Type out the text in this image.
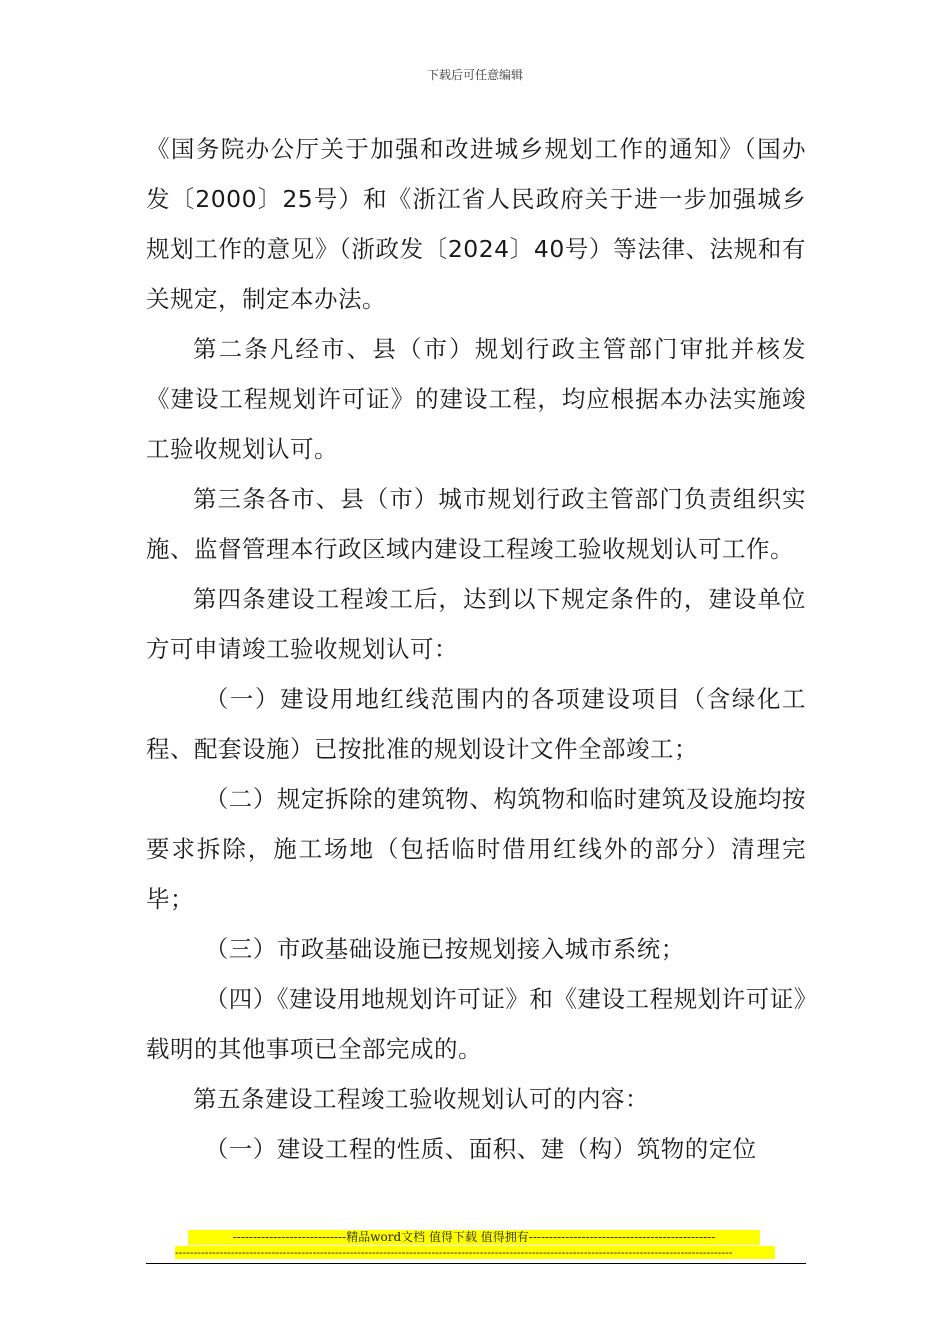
下载后可任意编辑

《国务院办公厅关于加强和改进城乡规划工作的通知》（国办发〔2000〕25号）和《浙江省人民政府关于进一步加强城乡规划工作的意见》（浙政发〔2024〕40号）等法律、法规和有关规定，制定本办法。

第二条凡经市、县（市）规划行政主管部门审批并核发《建设工程规划许可证》的建设工程，均应根据本办法实施竣工验收规划认可。

第三条各市、县（市）城市规划行政主管部门负责组织实施、监督管理本行政区域内建设工程竣工验收规划认可工作。

第四条建设工程竣工后，达到以下规定条件的，建设单位方可申请竣工验收规划认可：

（一）建设用地红线范围内的各项建设项目（含绿化工程、配套设施）已按批准的规划设计文件全部竣工；

（二）规定拆除的建筑物、构筑物和临时建筑及设施均按要求拆除，施工场地（包括临时借用红线外的部分）清理完毕；

（三）市政基础设施已按规划接入城市系统；

（四）《建设用地规划许可证》和《建设工程规划许可证》载明的其他事项已全部完成的。

第五条建设工程竣工验收规划认可的内容：

（一）建设工程的性质、面积、建（构）筑物的定位

----------------------------精品word文档 值得下载 值得拥有----------------------------------------------
------------------------------------------------------------------------------------------------------------------------------------------------------
